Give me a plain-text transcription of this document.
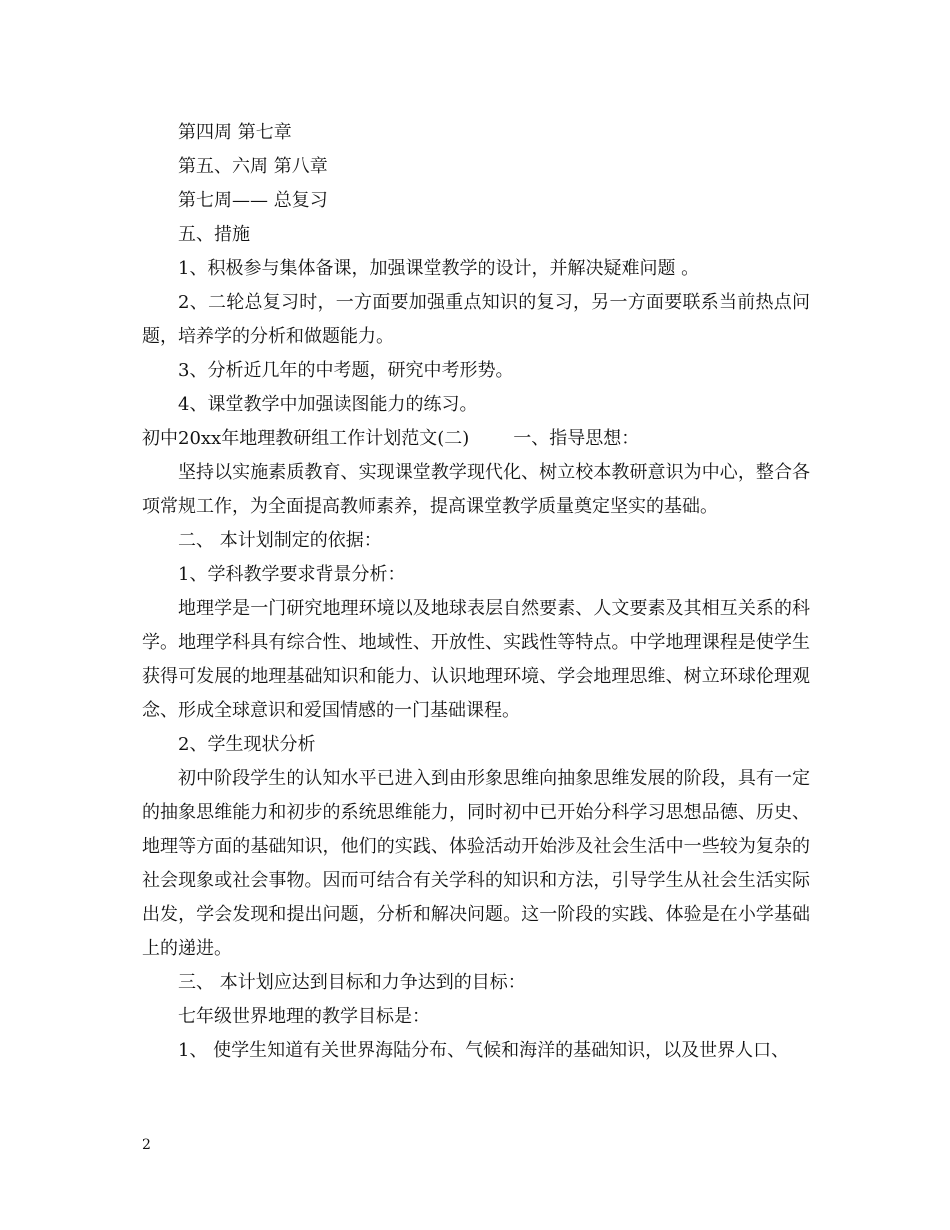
第四周 第七章
第五、六周 第八章
第七周—— 总复习
五、措施
1、积极参与集体备课，加强课堂教学的设计，并解决疑难问题 。
2、二轮总复习时，一方面要加强重点知识的复习，另一方面要联系当前热点问题，培养学的分析和做题能力。
3、分析近几年的中考题，研究中考形势。
4、课堂教学中加强读图能力的练习。
初中20xx年地理教研组工作计划范文(二) 一、指导思想：
坚持以实施素质教育、实现课堂教学现代化、树立校本教研意识为中心，整合各项常规工作，为全面提高教师素养，提高课堂教学质量奠定坚实的基础。
二、 本计划制定的依据：
1、学科教学要求背景分析：
地理学是一门研究地理环境以及地球表层自然要素、人文要素及其相互关系的科学。地理学科具有综合性、地域性、开放性、实践性等特点。中学地理课程是使学生获得可发展的地理基础知识和能力、认识地理环境、学会地理思维、树立环球伦理观念、形成全球意识和爱国情感的一门基础课程。
2、学生现状分析
初中阶段学生的认知水平已进入到由形象思维向抽象思维发展的阶段，具有一定的抽象思维能力和初步的系统思维能力，同时初中已开始分科学习思想品德、历史、地理等方面的基础知识，他们的实践、体验活动开始涉及社会生活中一些较为复杂的社会现象或社会事物。因而可结合有关学科的知识和方法，引导学生从社会生活实际出发，学会发现和提出问题，分析和解决问题。这一阶段的实践、体验是在小学基础上的递进。
三、 本计划应达到目标和力争达到的目标：
七年级世界地理的教学目标是：
1、 使学生知道有关世界海陆分布、气候和海洋的基础知识，以及世界人口、
2
